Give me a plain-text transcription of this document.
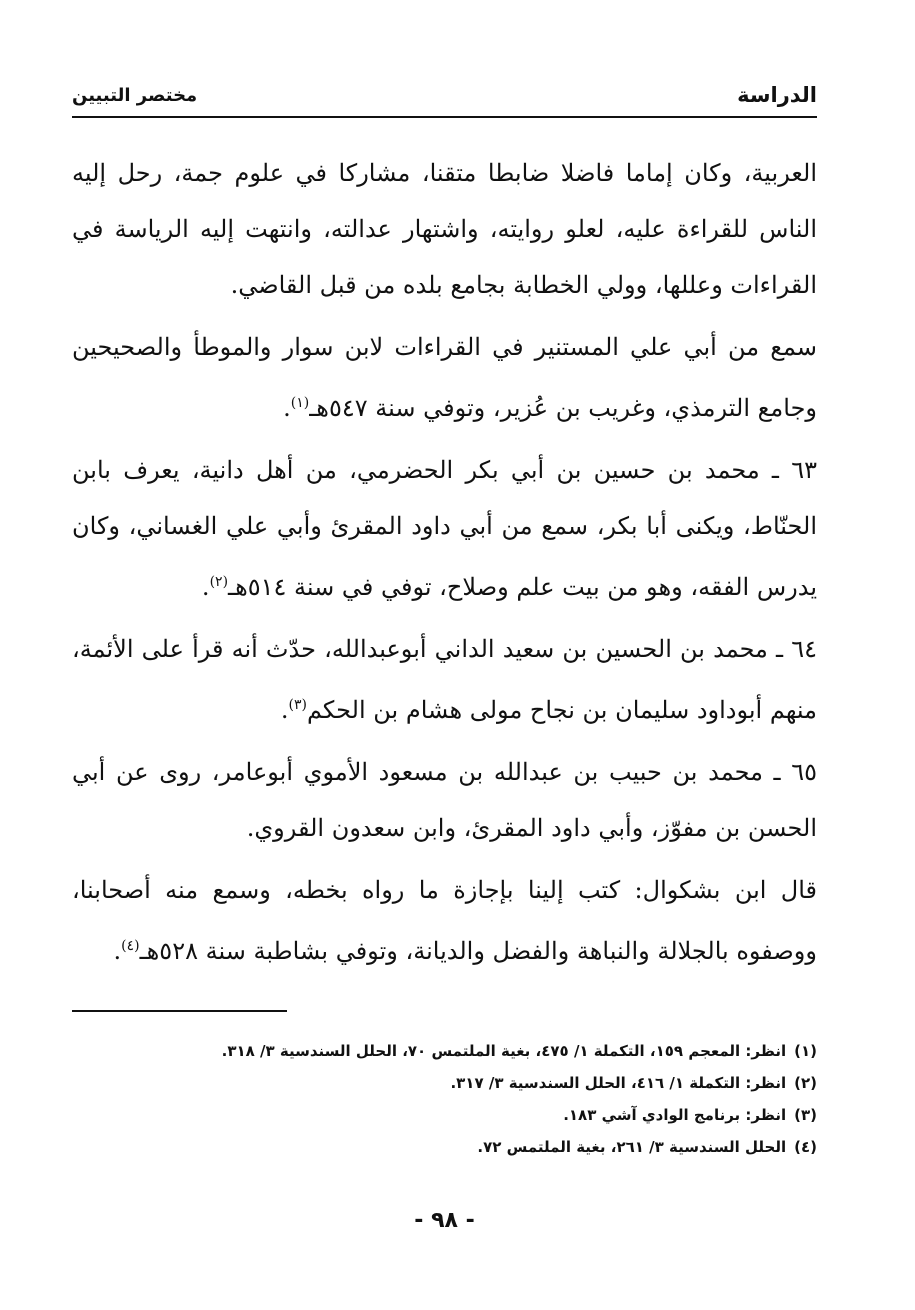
الدراسة
مختصر التبيين

العربية، وكان إماما فاضلا ضابطا متقنا، مشاركا في علوم جمة، رحل إليه الناس للقراءة عليه، لعلو روايته، واشتهار عدالته، وانتهت إليه الرياسة في القراءات وعللها، وولي الخطابة بجامع بلده من قبل القاضي.

سمع من أبي علي المستنير في القراءات لابن سوار والموطأ والصحيحين وجامع الترمذي، وغريب بن عُزير، وتوفي سنة ٥٤٧هـ$^{(١)}$.

٦٣ ـ محمد بن حسين بن أبي بكر الحضرمي، من أهل دانية، يعرف بابن الحنّاط، ويكنى أبا بكر، سمع من أبي داود المقرئ وأبي علي الغساني، وكان يدرس الفقه، وهو من بيت علم وصلاح، توفي في سنة ٥١٤هـ$^{(٢)}$.

٦٤ ـ محمد بن الحسين بن سعيد الداني أبوعبدالله، حدّث أنه قرأ على الأئمة، منهم أبوداود سليمان بن نجاح مولى هشام بن الحكم$^{(٣)}$.

٦٥ ـ محمد بن حبيب بن عبدالله بن مسعود الأموي أبوعامر، روى عن أبي الحسن بن مفوّز، وأبي داود المقرئ، وابن سعدون القروي.

قال ابن بشكوال: كتب إلينا بإجازة ما رواه بخطه، وسمع منه أصحابنا، ووصفوه بالجلالة والنباهة والفضل والديانة، وتوفي بشاطبة سنة ٥٢٨هـ$^{(٤)}$.

(١)انظر: المعجم ١٥٩، التكملة ١/ ٤٧٥، بغية الملتمس ٧٠، الحلل السندسية ٣/ ٣١٨.

(٢)انظر: التكملة ١/ ٤١٦، الحلل السندسية ٣/ ٣١٧.

(٣)انظر: برنامج الوادي آشي ١٨٣.

(٤)الحلل السندسية ٣/ ٢٦١، بغية الملتمس ٧٢.

- ٩٨ -
